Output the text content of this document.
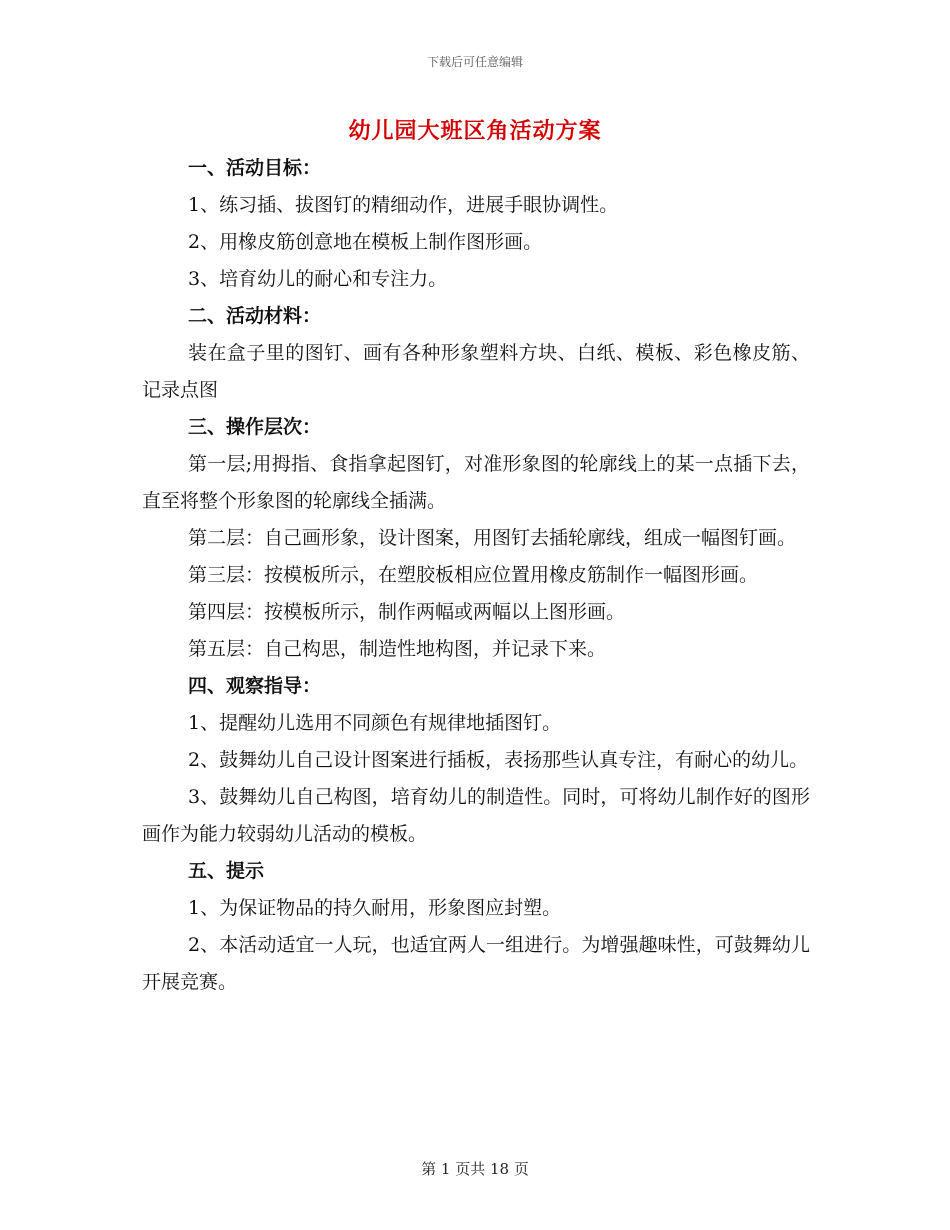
下载后可任意编辑
幼儿园大班区角活动方案
一、活动目标：
1、练习插、拔图钉的精细动作，进展手眼协调性。
2、用橡皮筋创意地在模板上制作图形画。
3、培育幼儿的耐心和专注力。
二、活动材料：
装在盒子里的图钉、画有各种形象塑料方块、白纸、模板、彩色橡皮筋、记录点图
三、操作层次：
第一层;用拇指、食指拿起图钉，对准形象图的轮廓线上的某一点插下去，直至将整个形象图的轮廓线全插满。
第二层：自己画形象，设计图案，用图钉去插轮廓线，组成一幅图钉画。
第三层：按模板所示，在塑胶板相应位置用橡皮筋制作一幅图形画。
第四层：按模板所示，制作两幅或两幅以上图形画。
第五层：自己构思，制造性地构图，并记录下来。
四、观察指导：
1、提醒幼儿选用不同颜色有规律地插图钉。
2、鼓舞幼儿自己设计图案进行插板，表扬那些认真专注，有耐心的幼儿。
3、鼓舞幼儿自己构图，培育幼儿的制造性。同时，可将幼儿制作好的图形画作为能力较弱幼儿活动的模板。
五、提示
1、为保证物品的持久耐用，形象图应封塑。
2、本活动适宜一人玩，也适宜两人一组进行。为增强趣味性，可鼓舞幼儿开展竞赛。
第 1 页共 18 页
